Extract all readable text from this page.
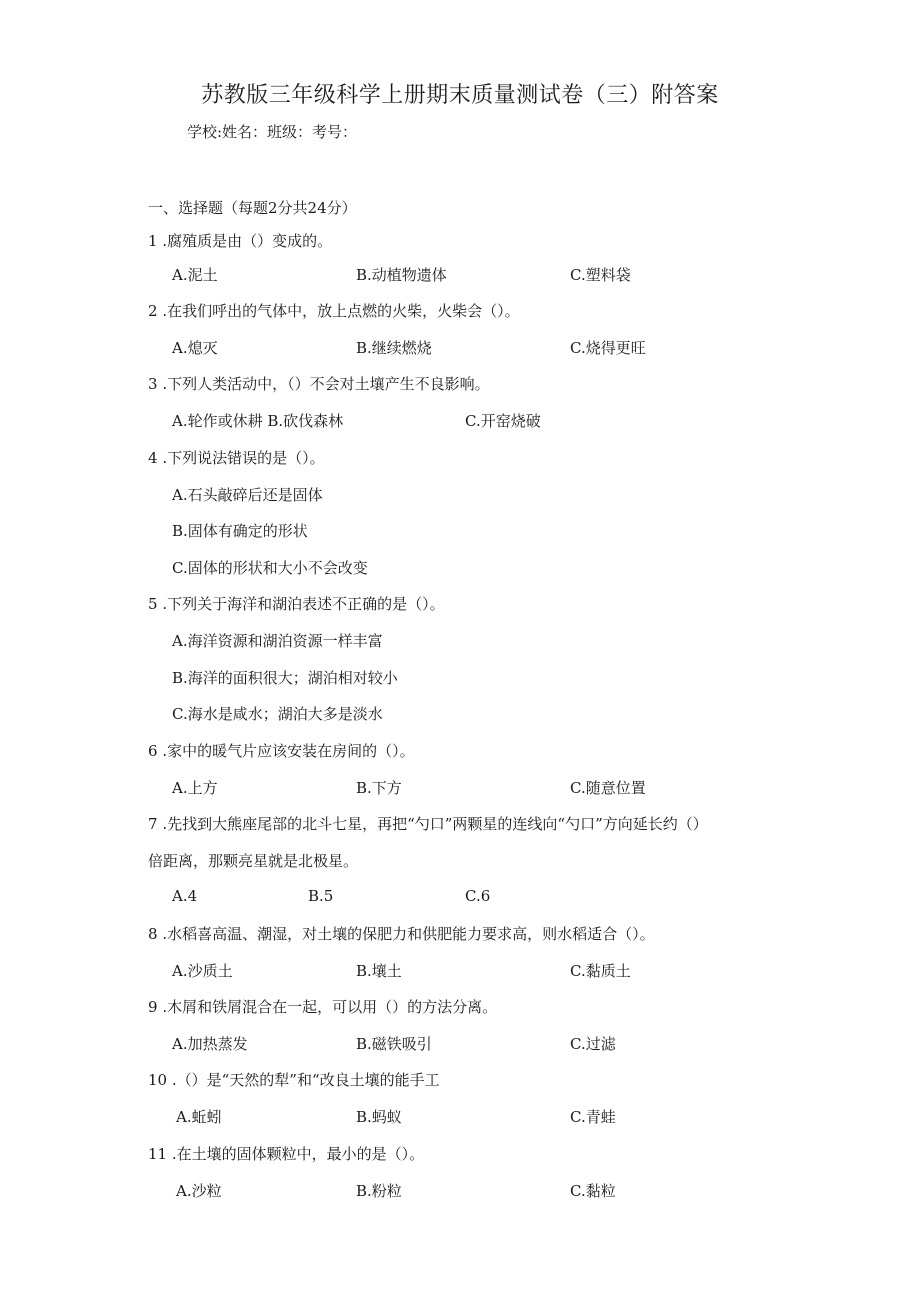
苏教版三年级科学上册期末质量测试卷（三）附答案
学校:姓名：班级：考号：
一、选择题（每题2分共24分）
1 .腐殖质是由（）变成的。
A.泥土	B.动植物遗体	C.塑料袋
2 .在我们呼出的气体中，放上点燃的火柴，火柴会（）。
A.熄灭	B.继续燃烧	C.烧得更旺
3 .下列人类活动中，（）不会对土壤产生不良影响。
A.轮作或休耕 B.砍伐森林	C.开窑烧破
4 .下列说法错误的是（）。
A.石头敲碎后还是固体
B.固体有确定的形状
C.固体的形状和大小不会改变
5 .下列关于海洋和湖泊表述不正确的是（）。
A.海洋资源和湖泊资源一样丰富
B.海洋的面积很大；湖泊相对较小
C.海水是咸水；湖泊大多是淡水
6 .家中的暖气片应该安装在房间的（）。
A.上方	B.下方	C.随意位置
7 .先找到大熊座尾部的北斗七星，再把“勺口”两颗星的连线向“勺口”方向延长约（）
倍距离，那颗亮星就是北极星。
A.4	B.5	C.6
8 .水稻喜高温、潮湿，对土壤的保肥力和供肥能力要求高，则水稻适合（）。
A.沙质土	B.壤土	C.黏质土
9 .木屑和铁屑混合在一起，可以用（）的方法分离。
A.加热蒸发	B.磁铁吸引	C.过滤
10 .（）是“天然的犁”和“改良土壤的能手工
A.蚯蚓	B.蚂蚁	C.青蛙
11 .在土壤的固体颗粒中，最小的是（）。
A.沙粒	B.粉粒	C.黏粒
